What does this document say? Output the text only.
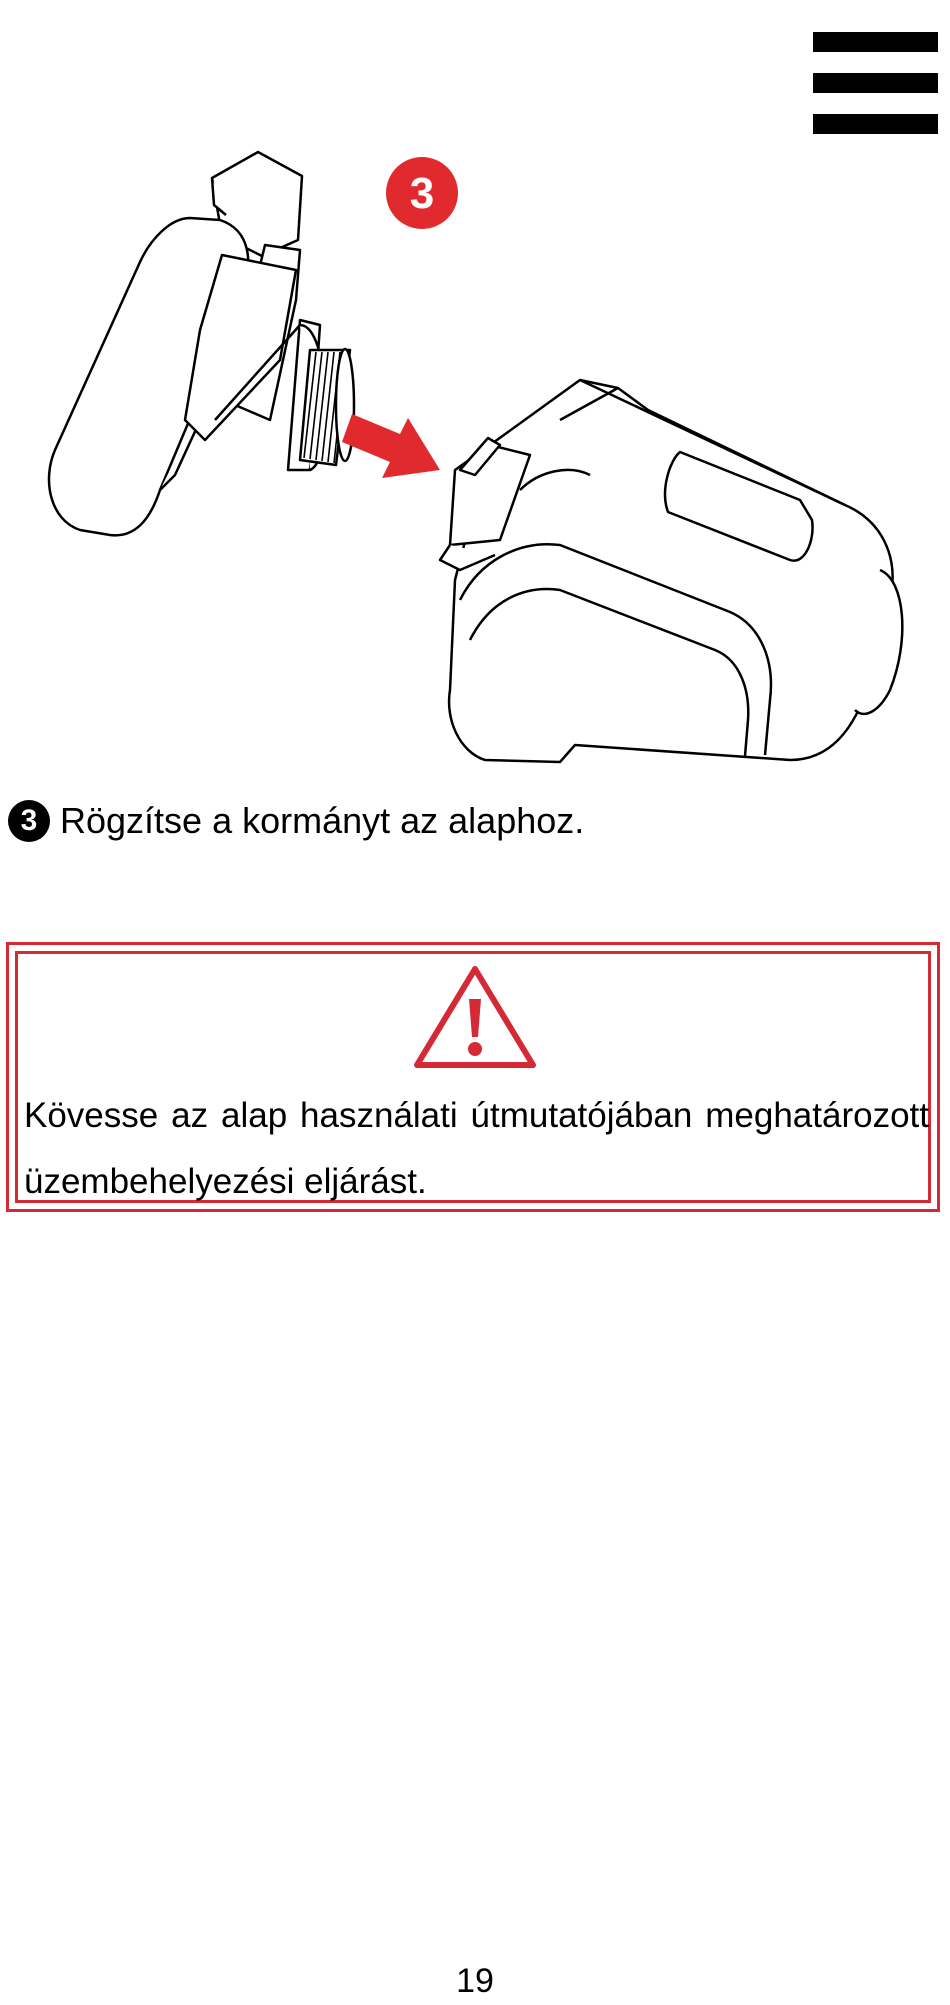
3
3 Rögzítse a kormányt az alaphoz.
Kövesse az alap használati útmutatójában meghatározott üzembehelyezési eljárást.
19
